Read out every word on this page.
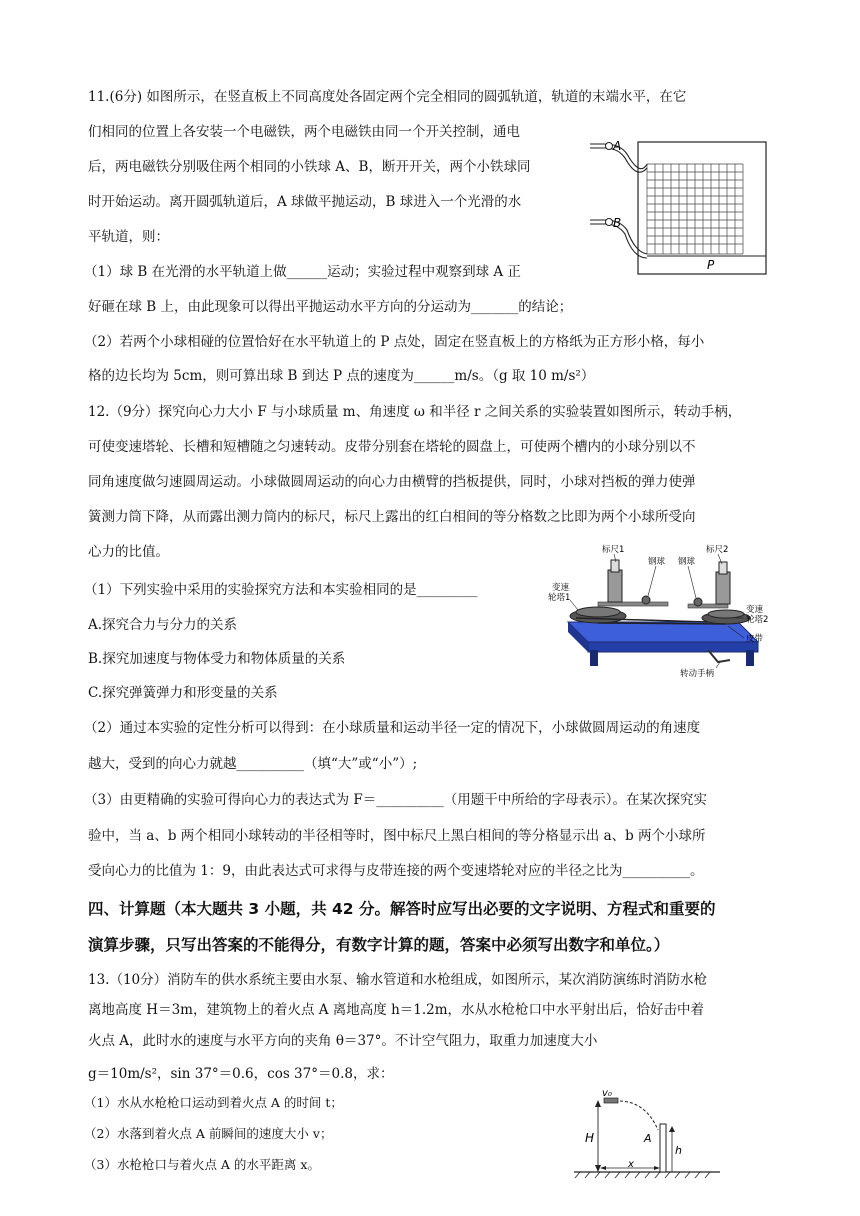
11.(6分) 如图所示，在竖直板上不同高度处各固定两个完全相同的圆弧轨道，轨道的末端水平，在它
们相同的位置上各安装一个电磁铁，两个电磁铁由同一个开关控制，通电
后，两电磁铁分别吸住两个相同的小铁球 A、B，断开开关，两个小铁球同
时开始运动。离开圆弧轨道后，A 球做平抛运动，B 球进入一个光滑的水
平轨道，则：
（1）球 B 在光滑的水平轨道上做______运动；实验过程中观察到球 A 正
好砸在球 B 上，由此现象可以得出平抛运动水平方向的分运动为_______的结论；
（2）若两个小球相碰的位置恰好在水平轨道上的 P 点处，固定在竖直板上的方格纸为正方形小格，每小
格的边长均为 5cm，则可算出球 B 到达 P 点的速度为______m/s。（g 取 10 m/s²）
A
B
P
12.（9分）探究向心力大小 F 与小球质量 m、角速度 ω 和半径 r 之间关系的实验装置如图所示，转动手柄，
可使变速塔轮、长槽和短槽随之匀速转动。皮带分别套在塔轮的圆盘上，可使两个槽内的小球分别以不
同角速度做匀速圆周运动。小球做圆周运动的向心力由横臂的挡板提供，同时，小球对挡板的弹力使弹
簧测力筒下降，从而露出测力筒内的标尺，标尺上露出的红白相间的等分格数之比即为两个小球所受向
心力的比值。
（1）下列实验中采用的实验探究方法和本实验相同的是_________
A.探究合力与分力的关系
B.探究加速度与物体受力和物体质量的关系
C.探究弹簧弹力和形变量的关系
（2）通过本实验的定性分析可以得到：在小球质量和运动半径一定的情况下，小球做圆周运动的角速度
越大，受到的向心力就越__________（填“大”或“小”）;
（3）由更精确的实验可得向心力的表达式为 F＝__________（用题干中所给的字母表示）。在某次探究实
验中，当 a、b 两个相同小球转动的半径相等时，图中标尺上黑白相间的等分格显示出 a、b 两个小球所
受向心力的比值为 1：9，由此表达式可求得与皮带连接的两个变速塔轮对应的半径之比为__________。
标尺1	标尺2
钢球 钢球
变速
轮塔1
变速
轮塔2
皮带
转动手柄
四、计算题（本大题共 3 小题，共 42 分。解答时应写出必要的文字说明、方程式和重要的
演算步骤，只写出答案的不能得分，有数字计算的题，答案中必须写出数字和单位。）
13.（10分）消防车的供水系统主要由水泵、输水管道和水枪组成，如图所示，某次消防演练时消防水枪
离地高度 H＝3m，建筑物上的着火点 A 离地高度 h＝1.2m，水从水枪枪口中水平射出后，恰好击中着
火点 A，此时水的速度与水平方向的夹角 θ＝37°。不计空气阻力，取重力加速度大小
g＝10m/s²，sin 37°＝0.6，cos 37°＝0.8，求：
（1）水从水枪枪口运动到着火点 A 的时间 t；
（2）水落到着火点 A 前瞬间的速度大小 v；
（3）水枪枪口与着火点 A 的水平距离 x。
H
v₀
A
h
x
